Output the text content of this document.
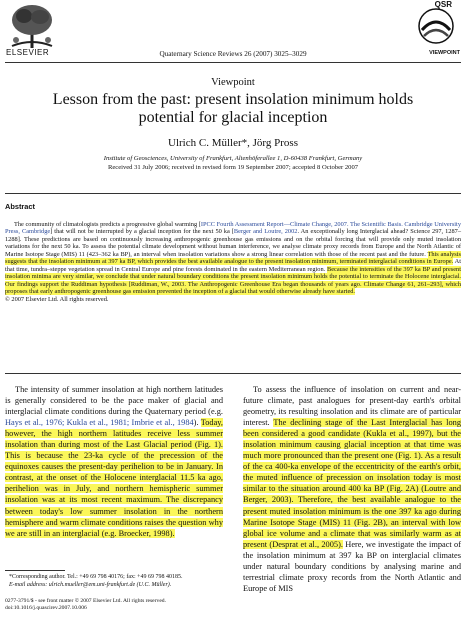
ELSEVIER
QSR
VIEWPOINT
Quaternary Science Reviews 26 (2007) 3025–3029
Viewpoint
Lesson from the past: present insolation minimum holds potential for glacial inception
Ulrich C. Müller*, Jörg Pross
Institute of Geosciences, University of Frankfurt, Altenhöferallee 1, D-60438 Frankfurt, Germany
Received 31 July 2006; received in revised form 19 September 2007; accepted 8 October 2007
Abstract
The community of climatologists predicts a progressive global warming [IPCC Fourth Assessment Report—Climate Change, 2007. The Scientific Basis. Cambridge University Press, Cambridge] that will not be interrupted by a glacial inception for the next 50 ka [Berger and Loutre, 2002. An exceptionally long Interglacial ahead? Science 297, 1287–1288]. These predictions are based on continuously increasing anthropogenic greenhouse gas emissions and on the orbital forcing that will provide only muted insolation variations for the next 50 ka. To assess the potential climate development without human interference, we analyse climate proxy records from Europe and the North Atlantic of Marine Isotope Stage (MIS) 11 (423–362 ka BP), an interval when insolation variations show a strong linear correlation with those of the recent past and the future. This analysis suggests that the insolation minimum at 397 ka BP, which provides the best available analogue to the present insolation minimum, terminated interglacial conditions in Europe. At that time, tundra–steppe vegetation spread in Central Europe and pine forests dominated in the eastern Mediterranean region. Because the intensities of the 397 ka BP and present insolation minima are very similar, we conclude that under natural boundary conditions the present insolation minimum holds the potential to terminate the Holocene interglacial. Our findings support the Ruddiman hypothesis [Ruddiman, W., 2003. The Anthropogenic Greenhouse Era began thousands of years ago. Climate Change 61, 261–293], which proposes that early anthropogenic greenhouse gas emission prevented the inception of a glacial that would otherwise already have started.
© 2007 Elsevier Ltd. All rights reserved.
The intensity of summer insolation at high northern latitudes is generally considered to be the pace maker of glacial and interglacial climate conditions during the Quaternary period (e.g. Hays et al., 1976; Kukla et al., 1981; Imbrie et al., 1984). Today, however, the high northern latitudes receive less summer insolation than during most of the Last Glacial period (Fig. 1). This is because the 23-ka cycle of the precession of the equinoxes causes the present-day perihelion to be in January. In contrast, at the onset of the Holocene interglacial 11.5 ka ago, perihelion was in July, and northern hemispheric summer insolation was at its most recent maximum. The discrepancy between today's low summer insolation in the northern hemisphere and warm climate conditions raises the question why we are still in an interglacial (e.g. Broecker, 1998).
To assess the influence of insolation on current and near-future climate, past analogues for present-day earth's orbital geometry, its resulting insolation and its climate are of particular interest. The declining stage of the Last Interglacial has long been considered a good candidate (Kukla et al., 1997), but the insolation minimum causing glacial inception at that time was much more pronounced than the present one (Fig. 1). As a result of the ca 400-ka envelope of the eccentricity of the earth's orbit, the muted influence of precession on insolation today is most similar to the situation around 400 ka BP (Fig. 2A) (Loutre and Berger, 2003). Therefore, the best available analogue to the present muted insolation minimum is the one 397 ka ago during Marine Isotope Stage (MIS) 11 (Fig. 2B), an interval with low global ice volume and a climate that was similarly warm as at present (Desprat et al., 2005). Here, we investigate the impact of the insolation minimum at 397 ka BP on interglacial climates under natural boundary conditions by analysing marine and terrestrial climate proxy records from the North Atlantic and Europe of MIS

*Corresponding author. Tel.: +49 69 798 40176; fax: +49 69 798 40185.

E-mail address: ulrich.mueller@em.uni-frankfurt.de (U.C. Müller).

0277-3791/$ - see front matter © 2007 Elsevier Ltd. All rights reserved.
doi:10.1016/j.quascirev.2007.10.006
